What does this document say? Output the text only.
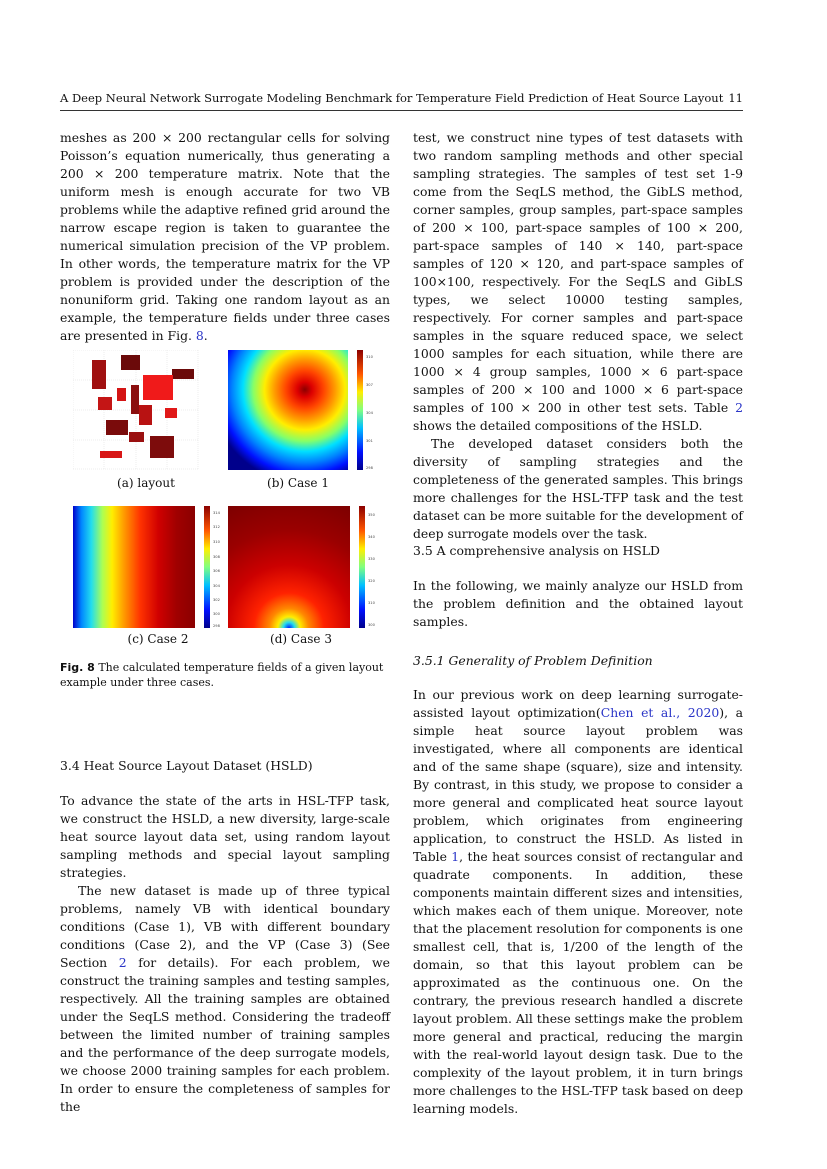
A Deep Neural Network Surrogate Modeling Benchmark for Temperature Field Prediction of Heat Source Layout 11

meshes as 200 × 200 rectangular cells for solving Poisson’s equation numerically, thus generating a 200 × 200 temperature matrix. Note that the uniform mesh is enough accurate for two VB problems while the adaptive refined grid around the narrow escape region is taken to guarantee the numerical simulation precision of the VP problem. In other words, the temperature matrix for the VP problem is provided under the description of the nonuniform grid. Taking one random layout as an example, the temperature fields under three cases are presented in Fig. 8.

(a) layout
310
307
304
301
298
(b) Case 1
314
312
310
308
306
304
302
300
298
(c) Case 2
350
340
330
320
310
300
(d) Case 3
Fig. 8 The calculated temperature fields of a given layout example under three cases.
3.4 Heat Source Layout Dataset (HSLD)

To advance the state of the arts in HSL-TFP task, we construct the HSLD, a new diversity, large-scale heat source layout data set, using random layout sampling methods and special layout sampling strategies.

The new dataset is made up of three typical problems, namely VB with identical boundary conditions (Case 1), VB with different boundary conditions (Case 2), and the VP (Case 3) (See Section 2 for details). For each problem, we construct the training samples and testing samples, respectively. All the training samples are obtained under the SeqLS method. Considering the tradeoff between the limited number of training samples and the performance of the deep surrogate models, we choose 2000 training samples for each problem. In order to ensure the completeness of samples for the

test, we construct nine types of test datasets with two random sampling methods and other special sampling strategies. The samples of test set 1-9 come from the SeqLS method, the GibLS method, corner samples, group samples, part-space samples of 200 × 100, part-space samples of 100 × 200, part-space samples of 140 × 140, part-space samples of 120 × 120, and part-space samples of 100×100, respectively. For the SeqLS and GibLS types, we select 10000 testing samples, respectively. For corner samples and part-space samples in the square reduced space, we select 1000 samples for each situation, while there are 1000 × 4 group samples, 1000 × 6 part-space samples of 200 × 100 and 1000 × 6 part-space samples of 100 × 200 in other test sets. Table 2 shows the detailed compositions of the HSLD.

The developed dataset considers both the diversity of sampling strategies and the completeness of the generated samples. This brings more challenges for the HSL-TFP task and the test dataset can be more suitable for the development of deep surrogate models over the task.

3.5 A comprehensive analysis on HSLD

In the following, we mainly analyze our HSLD from the problem definition and the obtained layout samples.

3.5.1 Generality of Problem Definition

In our previous work on deep learning surrogate-assisted layout optimization(Chen et al., 2020), a simple heat source layout problem was investigated, where all components are identical and of the same shape (square), size and intensity. By contrast, in this study, we propose to consider a more general and complicated heat source layout problem, which originates from engineering application, to construct the HSLD. As listed in Table 1, the heat sources consist of rectangular and quadrate components. In addition, these components maintain different sizes and intensities, which makes each of them unique. Moreover, note that the placement resolution for components is one smallest cell, that is, 1/200 of the length of the domain, so that this layout problem can be approximated as the continuous one. On the contrary, the previous research handled a discrete layout problem. All these settings make the problem more general and practical, reducing the margin with the real-world layout design task. Due to the complexity of the layout problem, it in turn brings more challenges to the HSL-TFP task based on deep learning models.
